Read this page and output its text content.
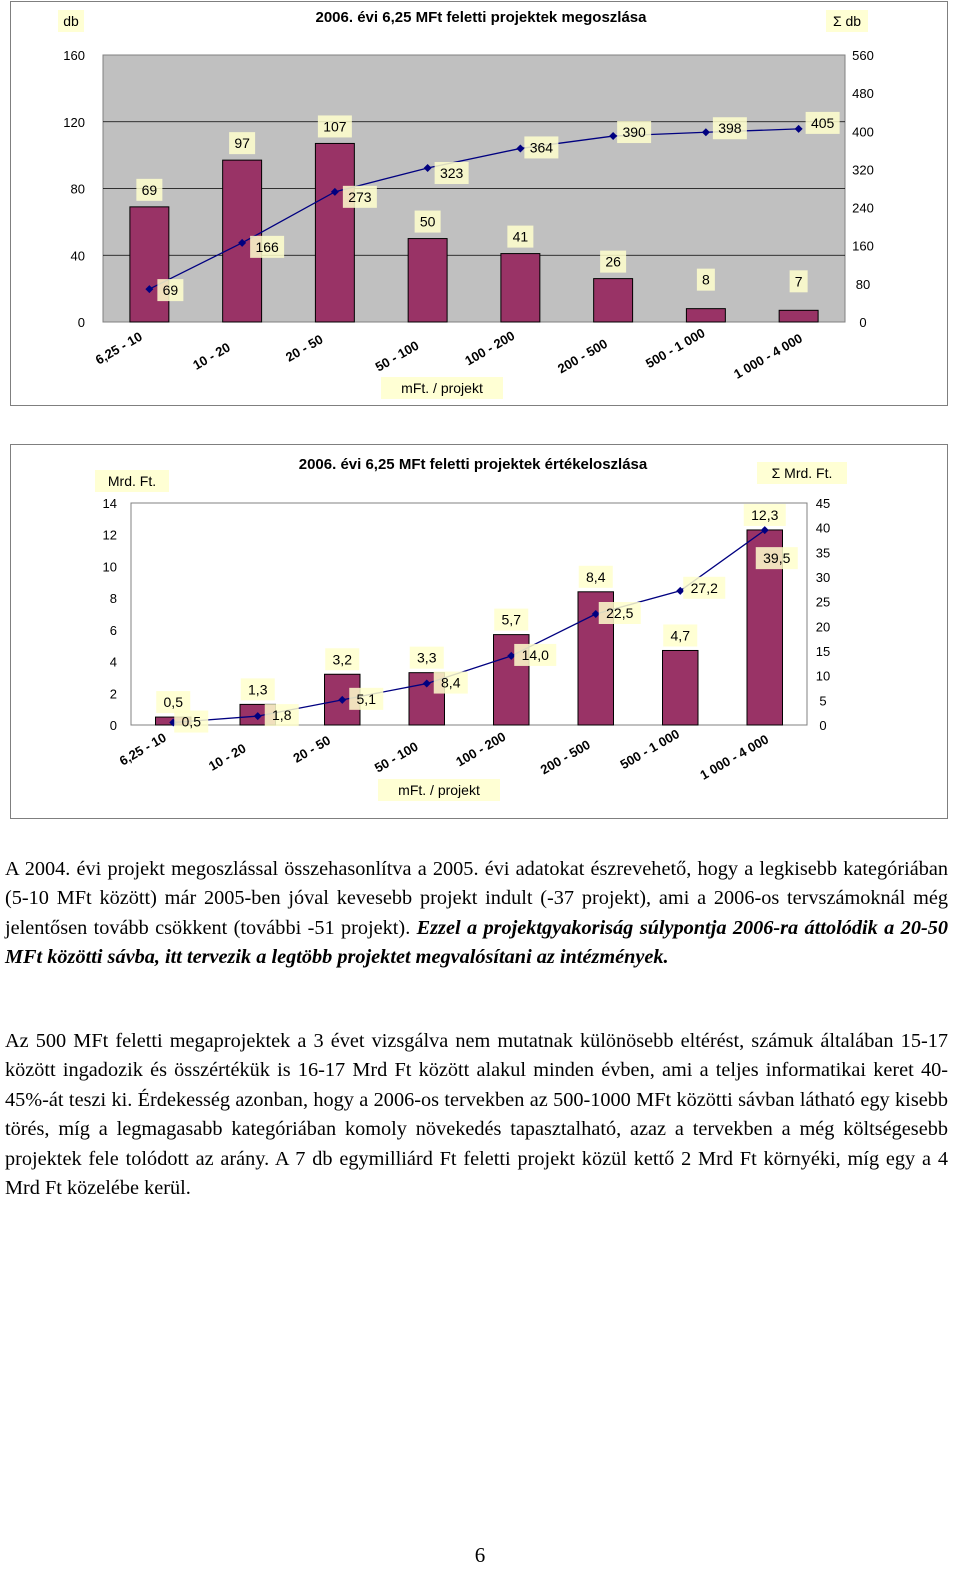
0
40
80
120
160
0
80
160
240
320
400
480
560
6,25 - 10	10 - 20	20 - 50	50 - 100	100 - 200	200 - 500	500 - 1 000 1 000 - 4 000
69
97
107
50
41
26
8	7
69
166
273
323
364
390	398	405
2006. évi 6,25 MFt feletti projektek megoszlása
db	Σ db
mFt. / projekt
0
2
4
6
8
10
12
14
0
5
10
15
20
25
30
35
40
45
6,25 - 10	10 - 20	20 - 50	50 - 100	100 - 200 200 - 500 500 - 1 000 1 000 - 4 000
0,5
1,3
3,2	3,3
5,7
8,4
4,7
12,3
0,5	1,8
5,1
8,4
14,0
22,5
27,2
39,5
2006. évi 6,25 MFt feletti projektek értékeloszlása
Mrd. Ft.	Σ Mrd. Ft.
mFt. / projekt

A 2004. évi projekt megoszlással összehasonlítva a 2005. évi adatokat észrevehető, hogy a legkisebb kategóriában (5-10 MFt között) már 2005-ben jóval kevesebb projekt indult (-37 projekt), ami a 2006-os tervszámoknál még jelentősen tovább csökkent (további -51 projekt). Ezzel a projektgyakoriság súlypontja 2006-ra áttolódik a 20-50 MFt közötti sávba, itt tervezik a legtöbb projektet megvalósítani az intézmények.

Az 500 MFt feletti megaprojektek a 3 évet vizsgálva nem mutatnak különösebb eltérést, számuk általában 15-17 között ingadozik és összértékük is 16-17 Mrd Ft között alakul minden évben, ami a teljes informatikai keret 40-45%-át teszi ki. Érdekesség azonban, hogy a 2006-os tervekben az 500-1000 MFt közötti sávban látható egy kisebb törés, míg a legmagasabb kategóriában komoly növekedés tapasztalható, azaz a tervekben a még költségesebb projektek fele tolódott az arány. A 7 db egymilliárd Ft feletti projekt közül kettő 2 Mrd Ft környéki, míg egy a 4 Mrd Ft közelébe kerül.

6
